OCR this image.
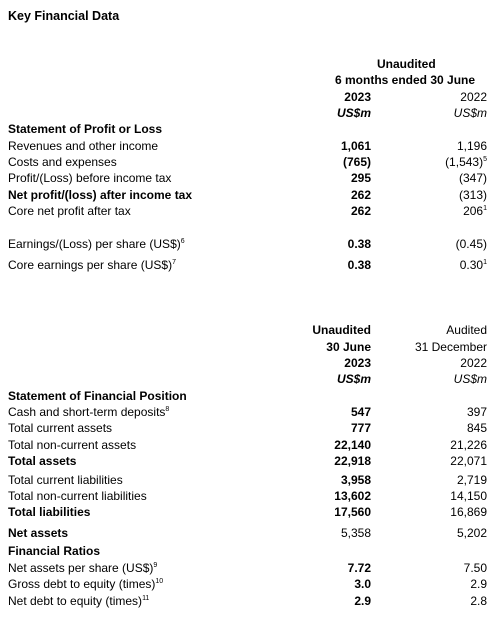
Key Financial Data
Unaudited
6 months ended 30 June
2023	2022
US$m	US$m
Statement of Profit or Loss
Revenues and other income	1,061	1,196
Costs and expenses	(765)	$(1,543)^5$
Profit/(Loss) before income tax	295	(347)
Net profit/(loss) after income tax	262	(313)
Core net profit after tax	262	$206^1$
Earnings/(Loss) per share (US$)$^6$	0.38	(0.45)
Core earnings per share (US$)$^7$	0.38	0.30$^1$
Unaudited	Audited
30 June	31 December
2023	2022
US$m	US$m
Statement of Financial Position
Cash and short-term deposits$^8$	547	397
Total current assets	777	845
Total non-current assets	22,140	21,226
Total assets	22,918	22,071
Total current liabilities	3,958	2,719
Total non-current liabilities	13,602	14,150
Total liabilities	17,560	16,869
Net assets	5,358	5,202
Financial Ratios
Net assets per share (US$)$^9$	7.72	7.50
Gross debt to equity (times)$^{10}$	3.0	2.9
Net debt to equity (times)$^{11}$	2.9	2.8
